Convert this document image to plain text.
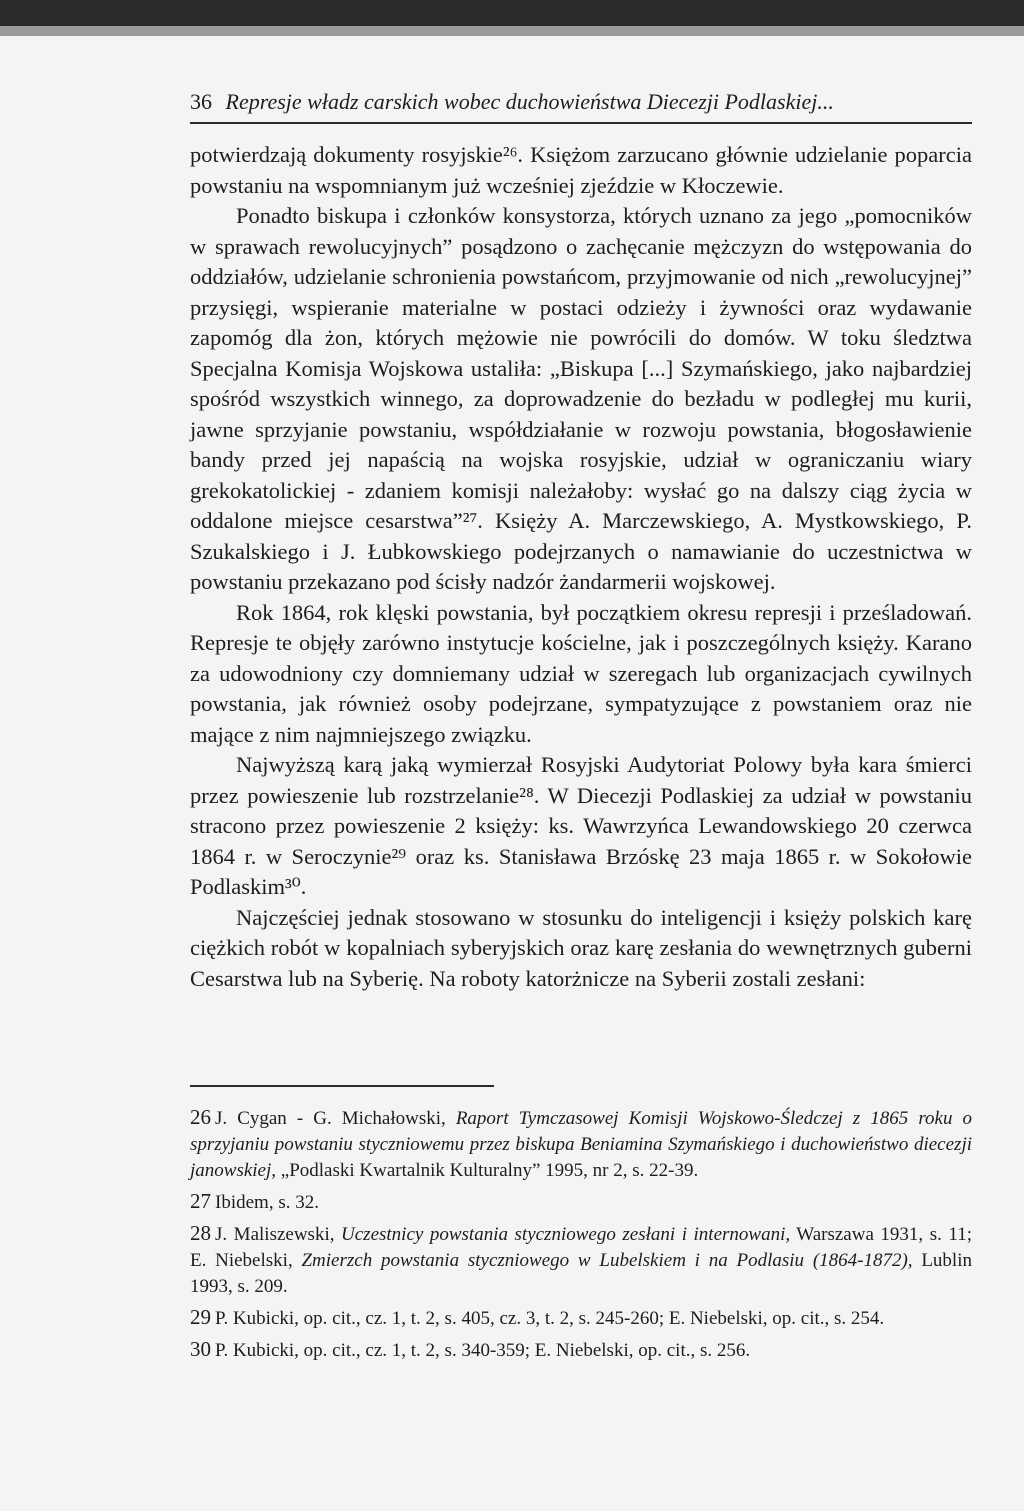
36 Represje władz carskich wobec duchowieństwa Diecezji Podlaskiej...

potwierdzają dokumenty rosyjskie²⁶. Księżom zarzucano głównie udzielanie poparcia powstaniu na wspomnianym już wcześniej zjeździe w Kłoczewie.

Ponadto biskupa i członków konsystorza, których uznano za jego „pomocników w sprawach rewolucyjnych” posądzono o zachęcanie mężczyzn do wstępowania do oddziałów, udzielanie schronienia powstańcom, przyjmowanie od nich „rewolucyjnej” przysięgi, wspieranie materialne w postaci odzieży i żywności oraz wydawanie zapomóg dla żon, których mężowie nie powrócili do domów. W toku śledztwa Specjalna Komisja Wojskowa ustaliła: „Biskupa [...] Szymańskiego, jako najbardziej spośród wszystkich winnego, za doprowadzenie do bezładu w podległej mu kurii, jawne sprzyjanie powstaniu, współdziałanie w rozwoju powstania, błogosławienie bandy przed jej napaścią na wojska rosyjskie, udział w ograniczaniu wiary grekokatolickiej - zdaniem komisji należałoby: wysłać go na dalszy ciąg życia w oddalone miejsce cesarstwa”²⁷. Księży A. Marczewskiego, A. Mystkowskiego, P. Szukalskiego i J. Łubkowskiego podejrzanych o namawianie do uczestnictwa w powstaniu przekazano pod ścisły nadzór żandarmerii wojskowej.

Rok 1864, rok klęski powstania, był początkiem okresu represji i prześladowań. Represje te objęły zarówno instytucje kościelne, jak i poszczególnych księży. Karano za udowodniony czy domniemany udział w szeregach lub organizacjach cywilnych powstania, jak również osoby podejrzane, sympatyzujące z powstaniem oraz nie mające z nim najmniejszego związku.

Najwyższą karą jaką wymierzał Rosyjski Audytoriat Polowy była kara śmierci przez powieszenie lub rozstrzelanie²⁸. W Diecezji Podlaskiej za udział w powstaniu stracono przez powieszenie 2 księży: ks. Wawrzyńca Lewandowskiego 20 czerwca 1864 r. w Seroczynie²⁹ oraz ks. Stanisława Brzóskę 23 maja 1865 r. w Sokołowie Podlaskim³⁰.

Najczęściej jednak stosowano w stosunku do inteligencji i księży polskich karę ciężkich robót w kopalniach syberyjskich oraz karę zesłania do wewnętrznych guberni Cesarstwa lub na Syberię. Na roboty katorżnicze na Syberii zostali zesłani:

26 J. Cygan - G. Michałowski, Raport Tymczasowej Komisji Wojskowo-Śledczej z 1865 roku o sprzyjaniu powstaniu styczniowemu przez biskupa Beniamina Szymańskiego i duchowieństwo diecezji janowskiej, „Podlaski Kwartalnik Kulturalny” 1995, nr 2, s. 22-39.

27 Ibidem, s. 32.

28 J. Maliszewski, Uczestnicy powstania styczniowego zesłani i internowani, Warszawa 1931, s. 11; E. Niebelski, Zmierzch powstania styczniowego w Lubelskiem i na Podlasiu (1864-1872), Lublin 1993, s. 209.

29 P. Kubicki, op. cit., cz. 1, t. 2, s. 405, cz. 3, t. 2, s. 245-260; E. Niebelski, op. cit., s. 254.

30 P. Kubicki, op. cit., cz. 1, t. 2, s. 340-359; E. Niebelski, op. cit., s. 256.
